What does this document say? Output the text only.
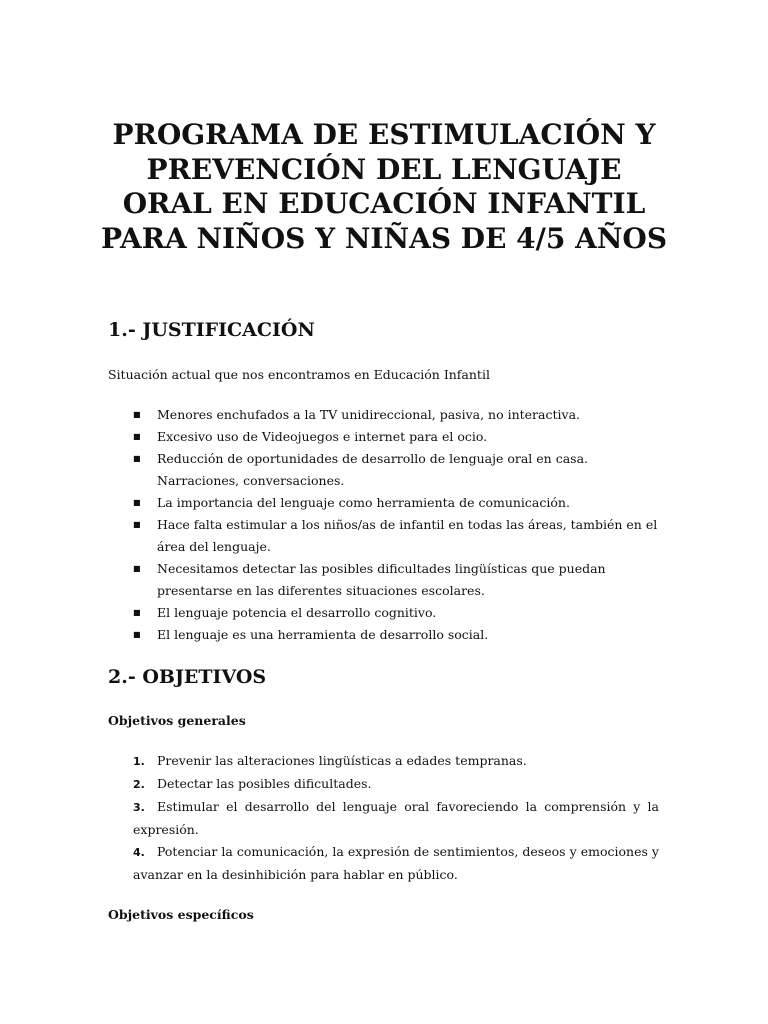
PROGRAMA DE ESTIMULACIÓN Y PREVENCIÓN DEL LENGUAJE ORAL EN EDUCACIÓN INFANTIL PARA NIÑOS Y NIÑAS DE 4/5 AÑOS
1.- JUSTIFICACIÓN

Situación actual que nos encontramos en Educación Infantil

■ Menores enchufados a la TV unidireccional, pasiva, no interactiva.
■ Excesivo uso de Videojuegos e internet para el ocio.
■ Reducción de oportunidades de desarrollo de lenguaje oral en casa. Narraciones, conversaciones.
■ La importancia del lenguaje como herramienta de comunicación.
■ Hace falta estimular a los niños/as de infantil en todas las áreas, también en el área del lenguaje.
■ Necesitamos detectar las posibles dificultades lingüísticas que puedan presentarse en las diferentes situaciones escolares.
■ El lenguaje potencia el desarrollo cognitivo.
■ El lenguaje es una herramienta de desarrollo social.
2.- OBJETIVOS

Objetivos generales

1. Prevenir las alteraciones lingüísticas a edades tempranas.
2. Detectar las posibles dificultades.
3. Estimular el desarrollo del lenguaje oral favoreciendo la comprensión y la expresión.
4. Potenciar la comunicación, la expresión de sentimientos, deseos y emociones y avanzar en la desinhibición para hablar en público.

Objetivos específicos
